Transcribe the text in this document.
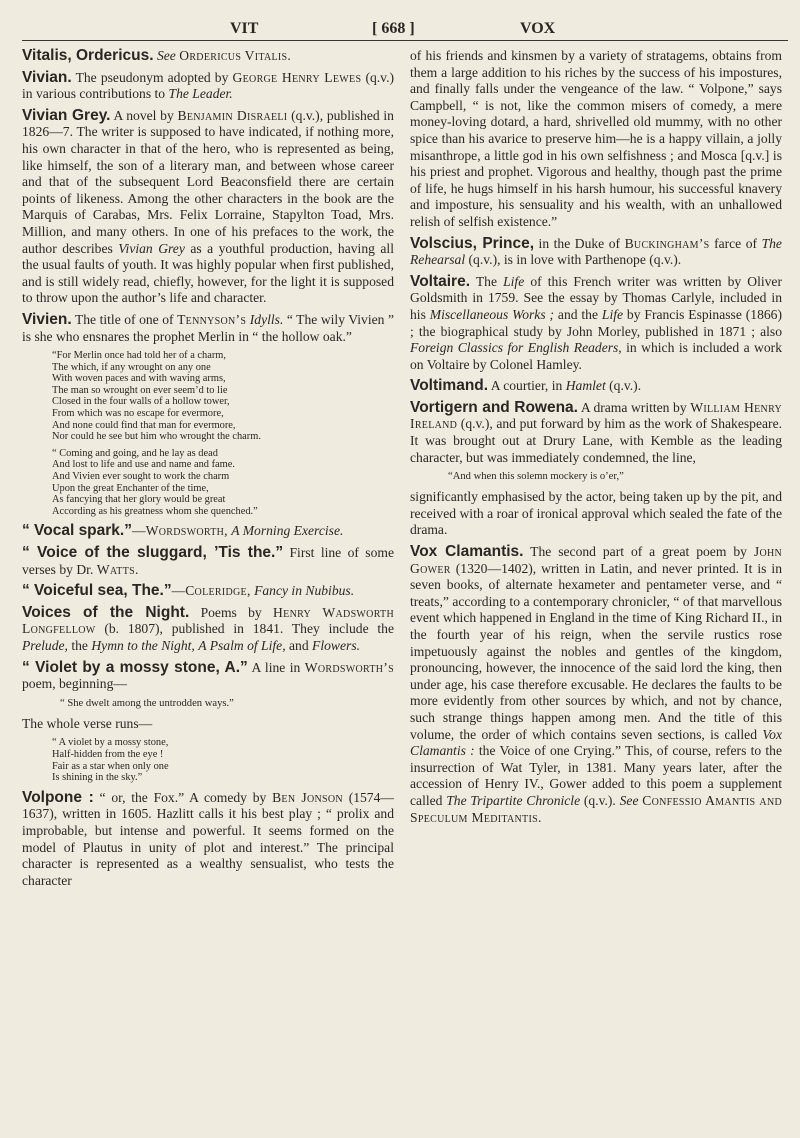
VIT	[ 668 ]	VOX

Vitalis, Ordericus. See Ordericus Vitalis.

Vivian. The pseudonym adopted by George Henry Lewes (q.v.) in various contributions to The Leader.

Vivian Grey. A novel by Benjamin Disraeli (q.v.), published in 1826—7. The writer is supposed to have indicated, if nothing more, his own character in that of the hero, who is represented as being, like himself, the son of a literary man, and between whose career and that of the subsequent Lord Beaconsfield there are certain points of likeness. Among the other characters in the book are the Marquis of Carabas, Mrs. Felix Lorraine, Stapylton Toad, Mrs. Million, and many others. In one of his prefaces to the work, the author describes Vivian Grey as a youthful production, having all the usual faults of youth. It was highly popular when first published, and is still widely read, chiefly, however, for the light it is supposed to throw upon the author’s life and character.

Vivien. The title of one of Tennyson’s Idylls. “ The wily Vivien ” is she who ensnares the prophet Merlin in “ the hollow oak.”

“For Merlin once had told her of a charm,
The which, if any wrought on any one
With woven paces and with waving arms,
The man so wrought on ever seem’d to lie
Closed in the four walls of a hollow tower,
From which was no escape for evermore,
And none could find that man for evermore,
Nor could he see but him who wrought the charm.
“ Coming and going, and he lay as dead
And lost to life and use and name and fame.
And Vivien ever sought to work the charm
Upon the great Enchanter of the time,
As fancying that her glory would be great
According as his greatness whom she quenched.”

“ Vocal spark.”—Wordsworth, A Morning Exercise.

“ Voice of the sluggard, ’Tis the.” First line of some verses by Dr. Watts.

“ Voiceful sea, The.”—Coleridge, Fancy in Nubibus.

Voices of the Night. Poems by Henry Wadsworth Longfellow (b. 1807), published in 1841. They include the Prelude, the Hymn to the Night, A Psalm of Life, and Flowers.

“ Violet by a mossy stone, A.” A line in Wordsworth’s poem, beginning—

“ She dwelt among the untrodden ways.”

The whole verse runs—

“ A violet by a mossy stone,
Half-hidden from the eye !
Fair as a star when only one
Is shining in the sky.”

Volpone : “ or, the Fox.” A comedy by Ben Jonson (1574—1637), written in 1605. Hazlitt calls it his best play ; “ prolix and improbable, but intense and powerful. It seems formed on the model of Plautus in unity of plot and interest.” The principal character is represented as a wealthy sensualist, who tests the character

of his friends and kinsmen by a variety of stratagems, obtains from them a large addition to his riches by the success of his impostures, and finally falls under the vengeance of the law. “ Volpone,” says Campbell, “ is not, like the common misers of comedy, a mere money-loving dotard, a hard, shrivelled old mummy, with no other spice than his avarice to preserve him—he is a happy villain, a jolly misanthrope, a little god in his own selfishness ; and Mosca [q.v.] is his priest and prophet. Vigorous and healthy, though past the prime of life, he hugs himself in his harsh humour, his successful knavery and imposture, his sensuality and his wealth, with an unhallowed relish of selfish existence.”

Volscius, Prince, in the Duke of Buckingham’s farce of The Rehearsal (q.v.), is in love with Parthenope (q.v.).

Voltaire. The Life of this French writer was written by Oliver Goldsmith in 1759. See the essay by Thomas Carlyle, included in his Miscellaneous Works ; and the Life by Francis Espinasse (1866) ; the biographical study by John Morley, published in 1871 ; also Foreign Classics for English Readers, in which is included a work on Voltaire by Colonel Hamley.

Voltimand. A courtier, in Hamlet (q.v.).

Vortigern and Rowena. A drama written by William Henry Ireland (q.v.), and put forward by him as the work of Shakespeare. It was brought out at Drury Lane, with Kemble as the leading character, but was immediately condemned, the line,

“And when this solemn mockery is o’er,”

significantly emphasised by the actor, being taken up by the pit, and received with a roar of ironical approval which sealed the fate of the drama.

Vox Clamantis. The second part of a great poem by John Gower (1320—1402), written in Latin, and never printed. It is in seven books, of alternate hexameter and pentameter verse, and “ treats,” according to a contemporary chronicler, “ of that marvellous event which happened in England in the time of King Richard II., in the fourth year of his reign, when the servile rustics rose impetuously against the nobles and gentles of the kingdom, pronouncing, however, the innocence of the said lord the king, then under age, his case therefore excusable. He declares the faults to be more evidently from other sources by which, and not by chance, such strange things happen among men. And the title of this volume, the order of which contains seven sections, is called Vox Clamantis : the Voice of one Crying.” This, of course, refers to the insurrection of Wat Tyler, in 1381. Many years later, after the accession of Henry IV., Gower added to this poem a supplement called The Tripartite Chronicle (q.v.). See Confessio Amantis and Speculum Meditantis.
